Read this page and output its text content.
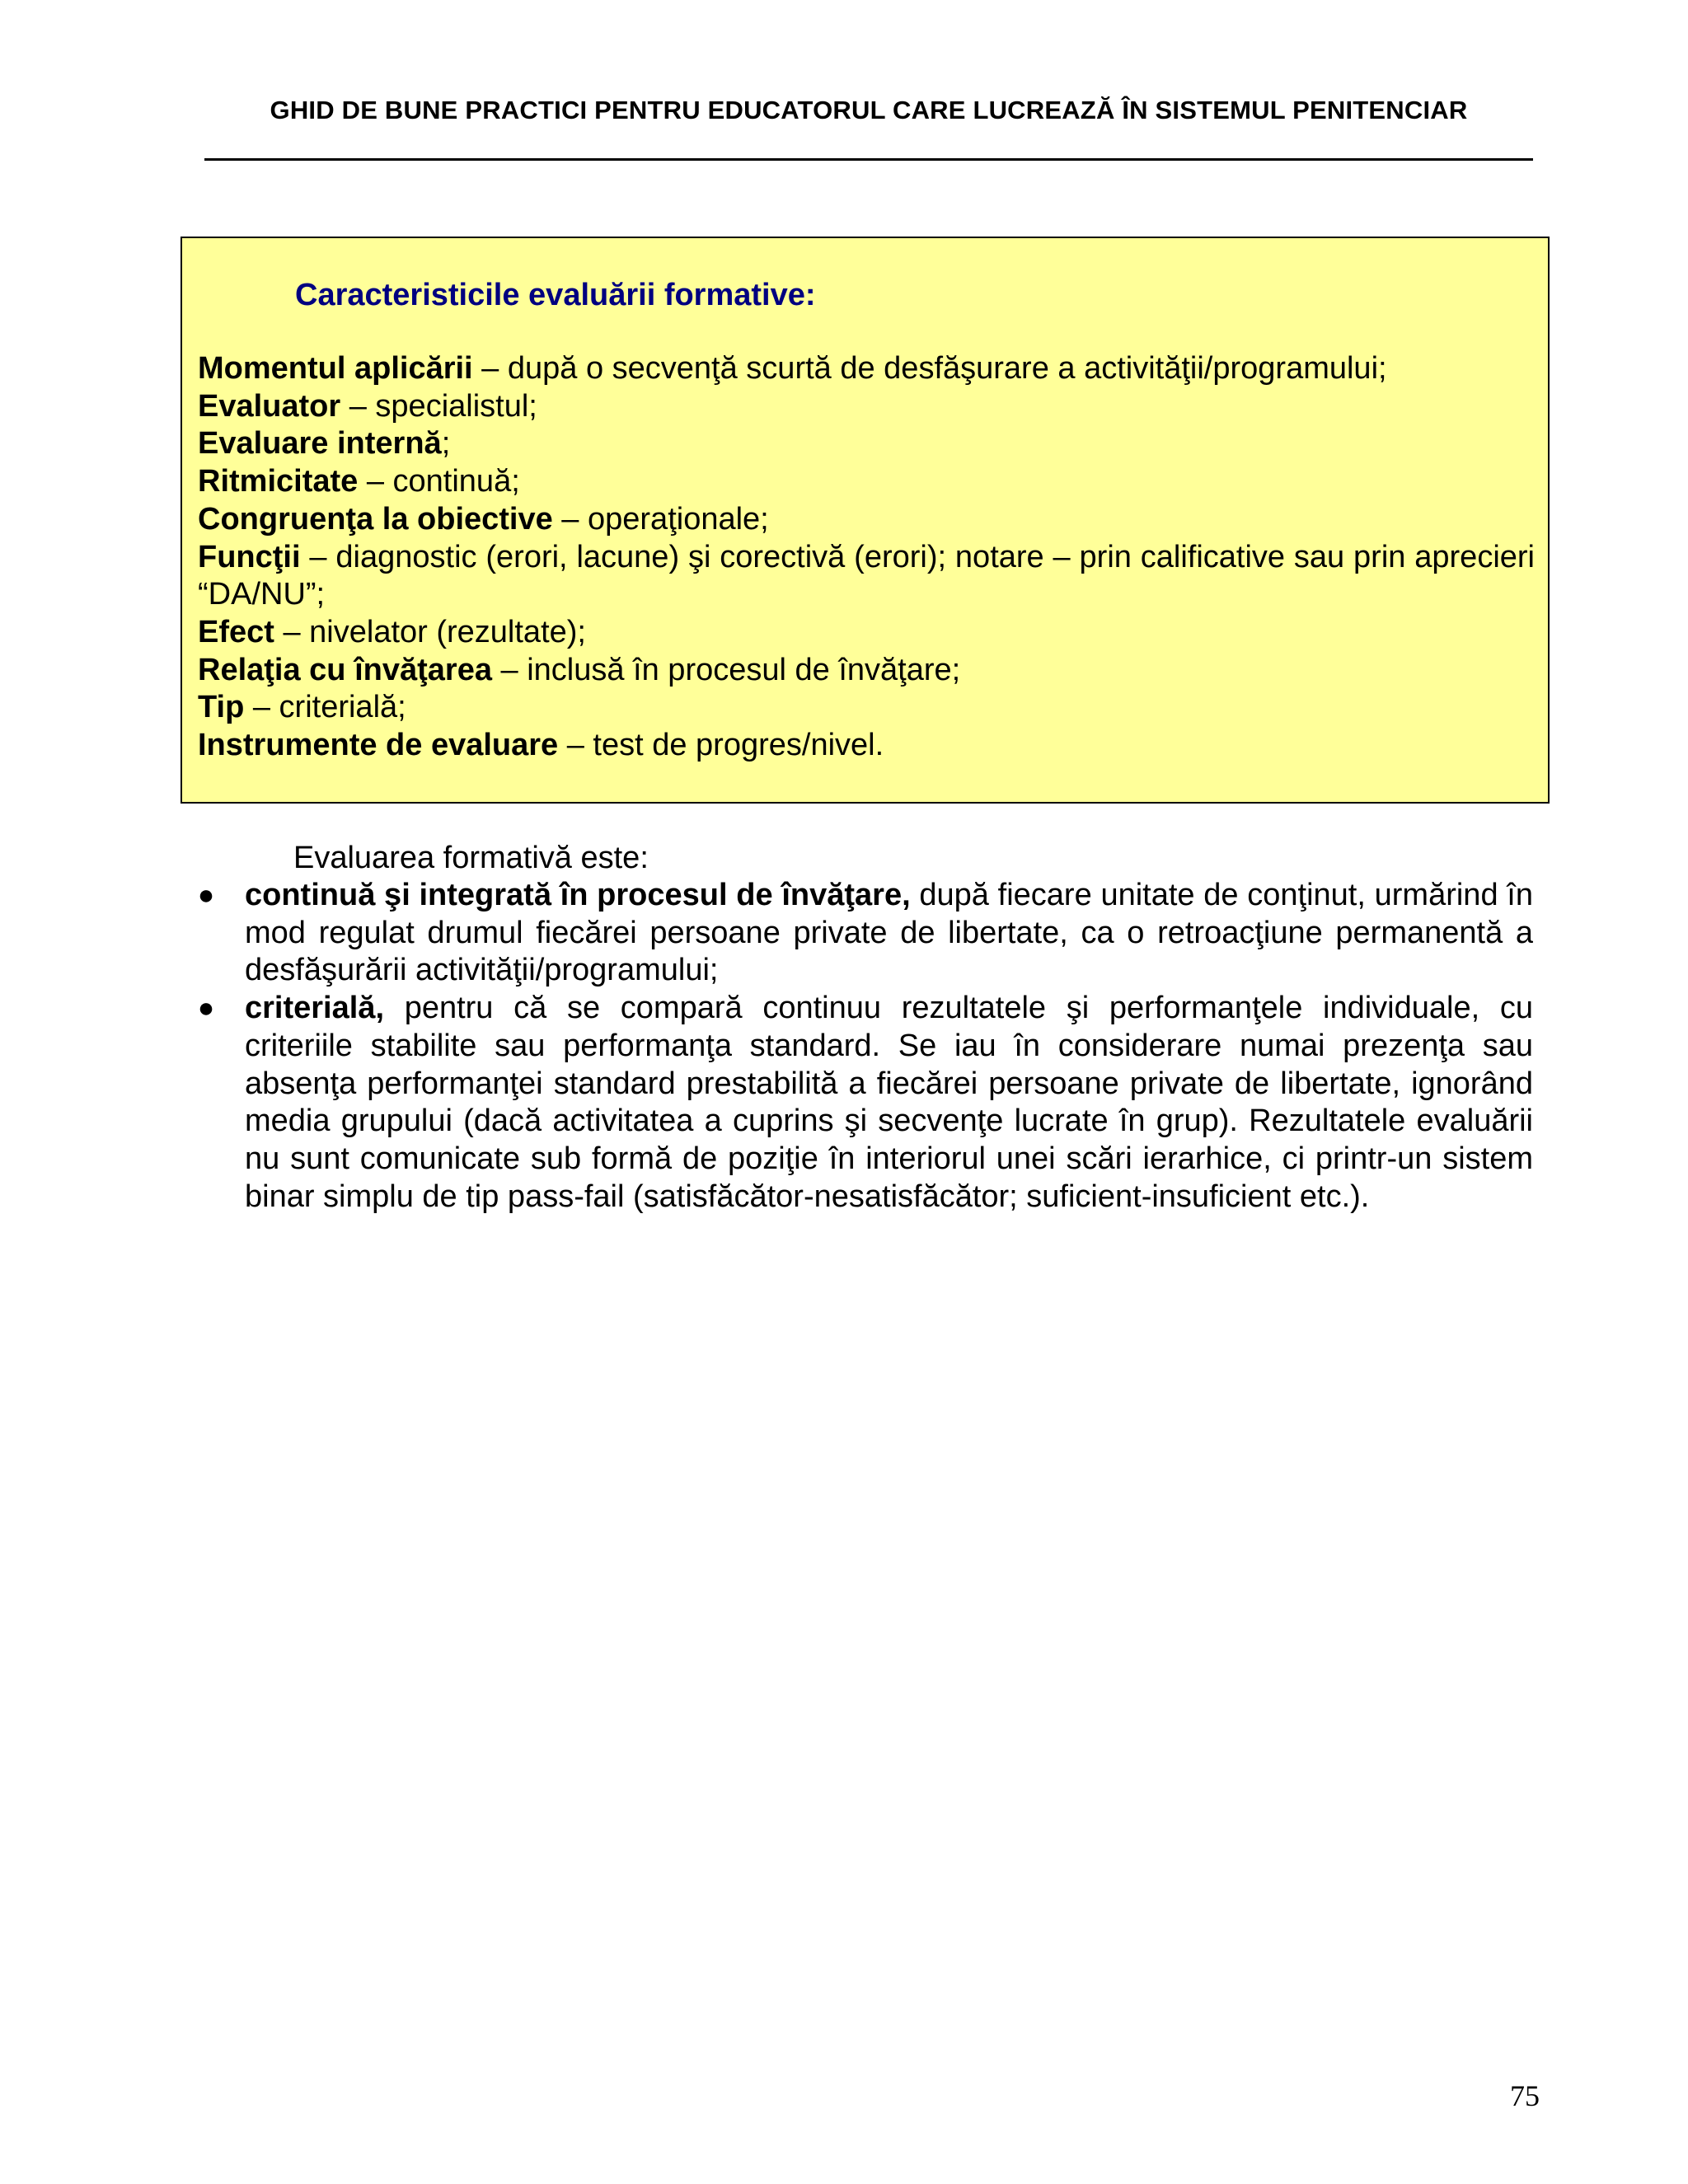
GHID DE BUNE PRACTICI PENTRU EDUCATORUL CARE LUCREAZĂ ÎN SISTEMUL PENITENCIAR
Caracteristicile evaluării formative:
Momentul aplicării – după o secvenţă scurtă de desfăşurare a activităţii/programului;
Evaluator – specialistul;
Evaluare internă;
Ritmicitate – continuă;
Congruenţa la obiective – operaţionale;
Funcţii – diagnostic (erori, lacune) şi corectivă (erori); notare – prin calificative sau prin aprecieri “DA/NU”;
Efect – nivelator (rezultate);
Relaţia cu învăţarea – inclusă în procesul de învăţare;
Tip – criterială;
Instrumente de evaluare – test de progres/nivel.
Evaluarea formativă este:
● continuă şi integrată în procesul de învăţare, după fiecare unitate de conţinut, urmărind în mod regulat drumul fiecărei persoane private de libertate, ca o retroacţiune permanentă a desfăşurării activităţii/programului;
● criterială, pentru că se compară continuu rezultatele şi performanţele individuale, cu criteriile stabilite sau performanţa standard. Se iau în considerare numai prezenţa sau absenţa performanţei standard prestabilită a fiecărei persoane private de libertate, ignorând media grupului (dacă activitatea a cuprins şi secvenţe lucrate în grup). Rezultatele evaluării nu sunt comunicate sub formă de poziţie în interiorul unei scări ierarhice, ci printr-un sistem binar simplu de tip pass-fail (satisfăcător-nesatisfăcător; suficient-insuficient etc.).
75
